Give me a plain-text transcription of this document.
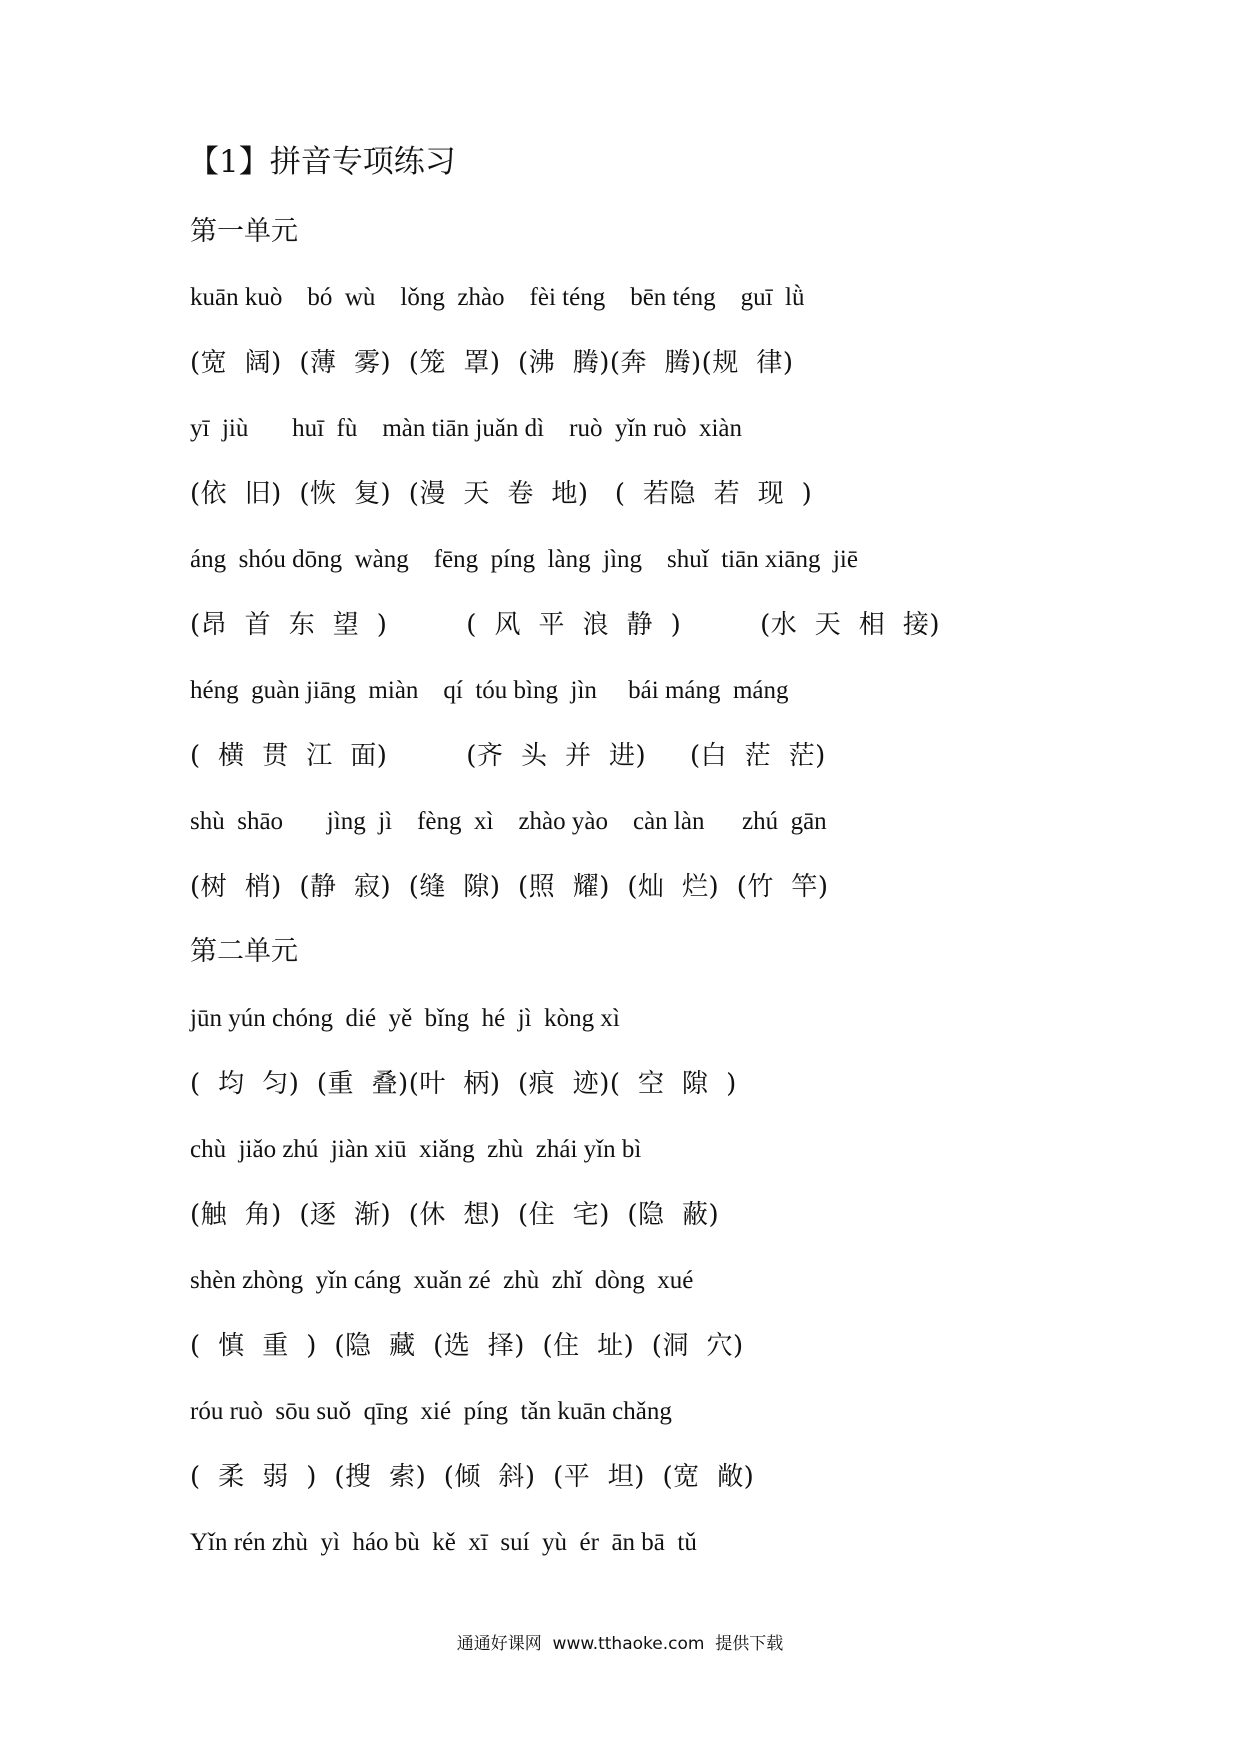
【1】拼音专项练习
第一单元
kuān kuò    bó  wù    lǒng  zhào    fèi téng    bēn téng    guī  lǜ
(宽  阔)  (薄  雾)  (笼  罩)  (沸  腾)(奔  腾)(规  律)
yī  jiù       huī  fù    màn tiān juǎn dì    ruò  yǐn ruò  xiàn
(依  旧)  (恢  复)  (漫  天  卷  地)   (  若隐  若  现  )
áng  shóu dōng  wàng    fēng  píng  làng  jìng    shuǐ  tiān xiāng  jiē
(昂  首  东  望  )         (  风  平  浪  静  )         (水  天  相  接)
héng  guàn jiāng  miàn    qí  tóu bìng  jìn     bái máng  máng
(  横  贯  江  面)         (齐  头  并  进)     (白  茫  茫)
shù  shāo       jìng  jì    fèng  xì    zhào yào    càn làn      zhú  gān
(树  梢)  (静  寂)  (缝  隙)  (照  耀)  (灿  烂)  (竹  竿)
第二单元
jūn yún chóng  dié  yě  bǐng  hé  jì  kòng xì
(  均  匀)  (重  叠)(叶  柄)  (痕  迹)(  空  隙  )
chù  jiǎo zhú  jiàn xiū  xiǎng  zhù  zhái yǐn bì
(触  角)  (逐  渐)  (休  想)  (住  宅)  (隐  蔽)
shèn zhòng  yǐn cáng  xuǎn zé  zhù  zhǐ  dòng  xué
(  慎  重  )  (隐  藏  (选  择)  (住  址)  (洞  穴)
róu ruò  sōu suǒ  qīng  xié  píng  tǎn kuān chǎng
(  柔  弱  )  (搜  索)  (倾  斜)  (平  坦)  (宽  敞)
Yǐn rén zhù  yì  háo bù  kě  xī  suí  yù  ér  ān bā  tǔ
通通好课网  www.tthaoke.com  提供下载
